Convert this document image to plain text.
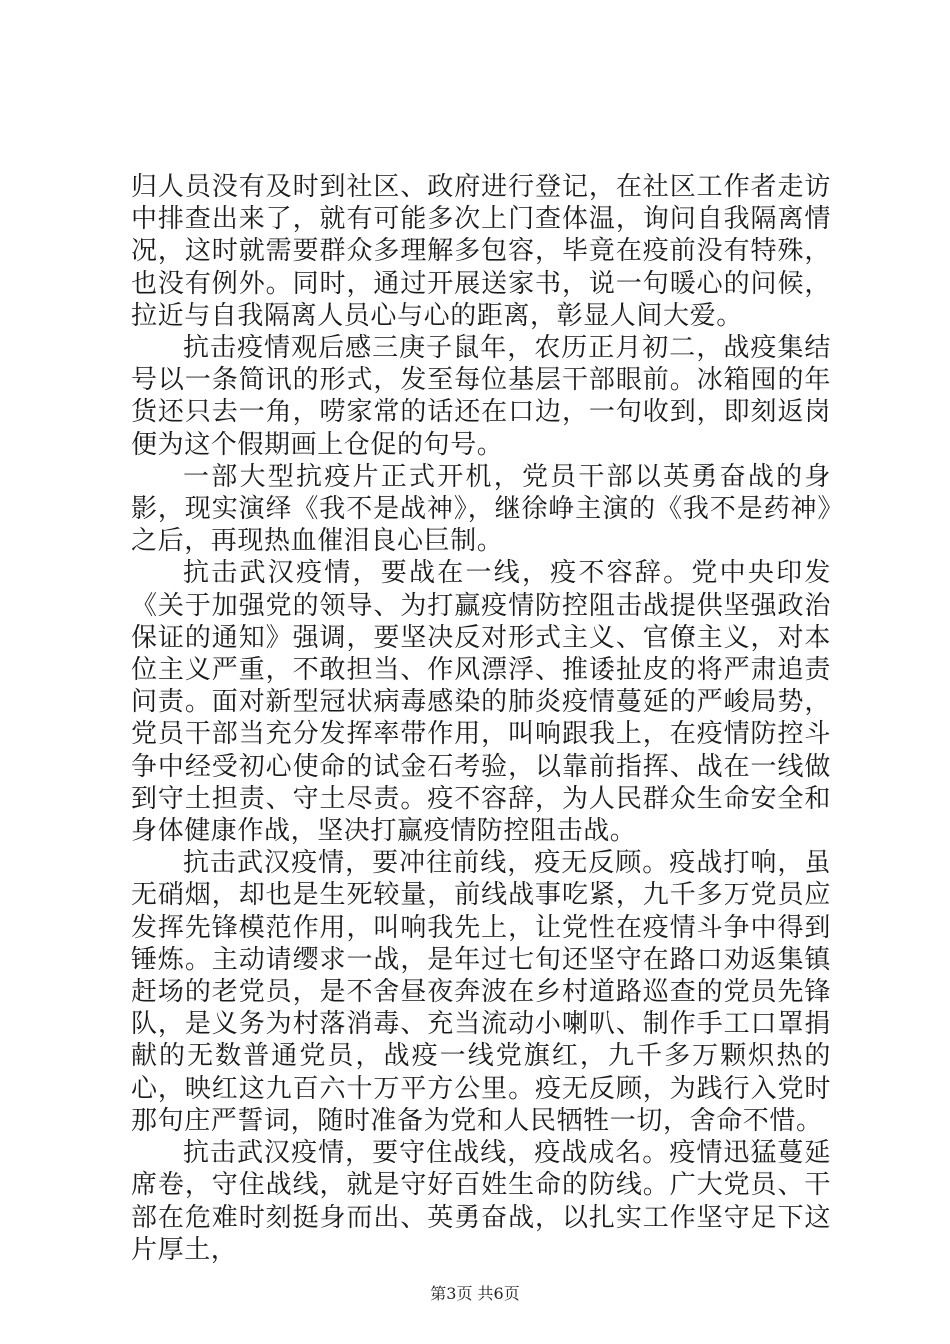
归人员没有及时到社区、政府进行登记，在社区工作者走访中排查出来了，就有可能多次上门查体温，询问自我隔离情况，这时就需要群众多理解多包容，毕竟在疫前没有特殊，也没有例外。同时，通过开展送家书，说一句暖心的问候，拉近与自我隔离人员心与心的距离，彰显人间大爱。

抗击疫情观后感三庚子鼠年，农历正月初二，战疫集结号以一条简讯的形式，发至每位基层干部眼前。冰箱囤的年货还只去一角，唠家常的话还在口边，一句收到，即刻返岗便为这个假期画上仓促的句号。

一部大型抗疫片正式开机，党员干部以英勇奋战的身影，现实演绎《我不是战神》，继徐峥主演的《我不是药神》之后，再现热血催泪良心巨制。

抗击武汉疫情，要战在一线，疫不容辞。党中央印发《关于加强党的领导、为打赢疫情防控阻击战提供坚强政治保证的通知》强调，要坚决反对形式主义、官僚主义，对本位主义严重，不敢担当、作风漂浮、推诿扯皮的将严肃追责问责。面对新型冠状病毒感染的肺炎疫情蔓延的严峻局势，党员干部当充分发挥率带作用，叫响跟我上，在疫情防控斗争中经受初心使命的试金石考验，以靠前指挥、战在一线做到守土担责、守土尽责。疫不容辞，为人民群众生命安全和身体健康作战，坚决打赢疫情防控阻击战。

抗击武汉疫情，要冲往前线，疫无反顾。疫战打响，虽无硝烟，却也是生死较量，前线战事吃紧，九千多万党员应发挥先锋模范作用，叫响我先上，让党性在疫情斗争中得到锤炼。主动请缨求一战，是年过七旬还坚守在路口劝返集镇赶场的老党员，是不舍昼夜奔波在乡村道路巡查的党员先锋队，是义务为村落消毒、充当流动小喇叭、制作手工口罩捐献的无数普通党员，战疫一线党旗红，九千多万颗炽热的心，映红这九百六十万平方公里。疫无反顾，为践行入党时那句庄严誓词，随时准备为党和人民牺牲一切，舍命不惜。

抗击武汉疫情，要守住战线，疫战成名。疫情迅猛蔓延席卷，守住战线，就是守好百姓生命的防线。广大党员、干部在危难时刻挺身而出、英勇奋战，以扎实工作坚守足下这片厚土，

第3页 共6页
